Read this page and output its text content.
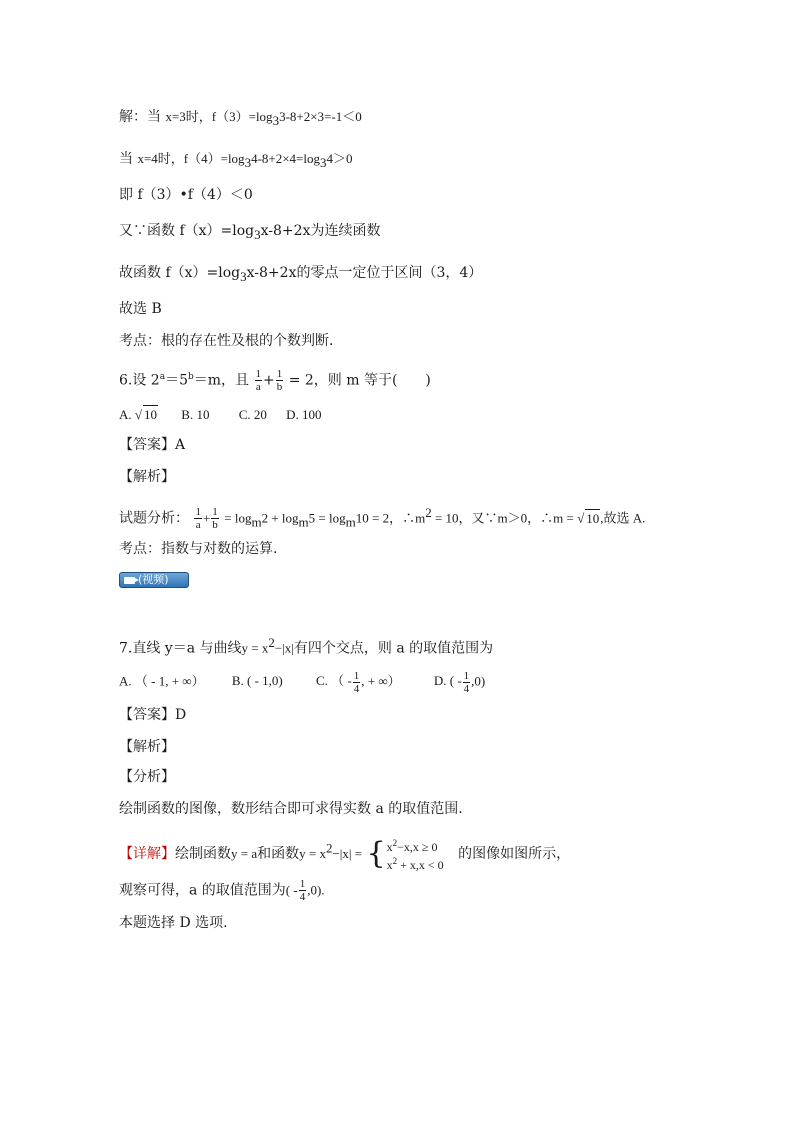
解：当 x=3时，$f(3)=\log_33-8+2\times 3=-1<0$
当 x=4时，$f(4)=\log_34-8+2\times 4=\log_34>0$
即 f（3）•f（4）＜0
又∵函数 $f(x)=\log_3x-8+2x$为连续函数
故函数 $f(x)=\log_3x-8+2x$的零点一定位于区间（3，4）
故选 B
考点：根的存在性及根的个数判断．
6.设 $2^a=5^b=m$，且 $\frac{1}{a} + \frac{1}{b} = 2$，则 m 等于(　　)
A. √ 10 B. 10 C. 20 D. 100
【答案】A
【解析】
试题分析： $\frac{1}{a} + \frac{1}{b} = \log_m2 + \log_m5 = \log_m10 = 2$，$\therefore m^2 = 10$，又∵m＞0，∴m = √ 10,故选 A.
考点：指数与对数的运算.
(视频)
7.直线 y＝a 与曲线$y = x^2-|x|$有四个交点，则 a 的取值范围为
A. （ - 1, + ∞） B. ( - 1,0)	C. （ - $\frac{1}{4}$ , + ∞）	D. ( - $\frac{1}{4} ,0$)
【答案】D
【解析】
【分析】
绘制函数的图像，数形结合即可求得实数 a 的取值范围.
【详解】绘制函数y = a和函数$y = x^2-|x|$ = { $x^2-x,x \ge 0$
$x^2 + x,x < 0$
的图像如图所示，
观察可得，a 的取值范围为( - $\frac{1}{4} ,0$).
本题选择 D 选项.
